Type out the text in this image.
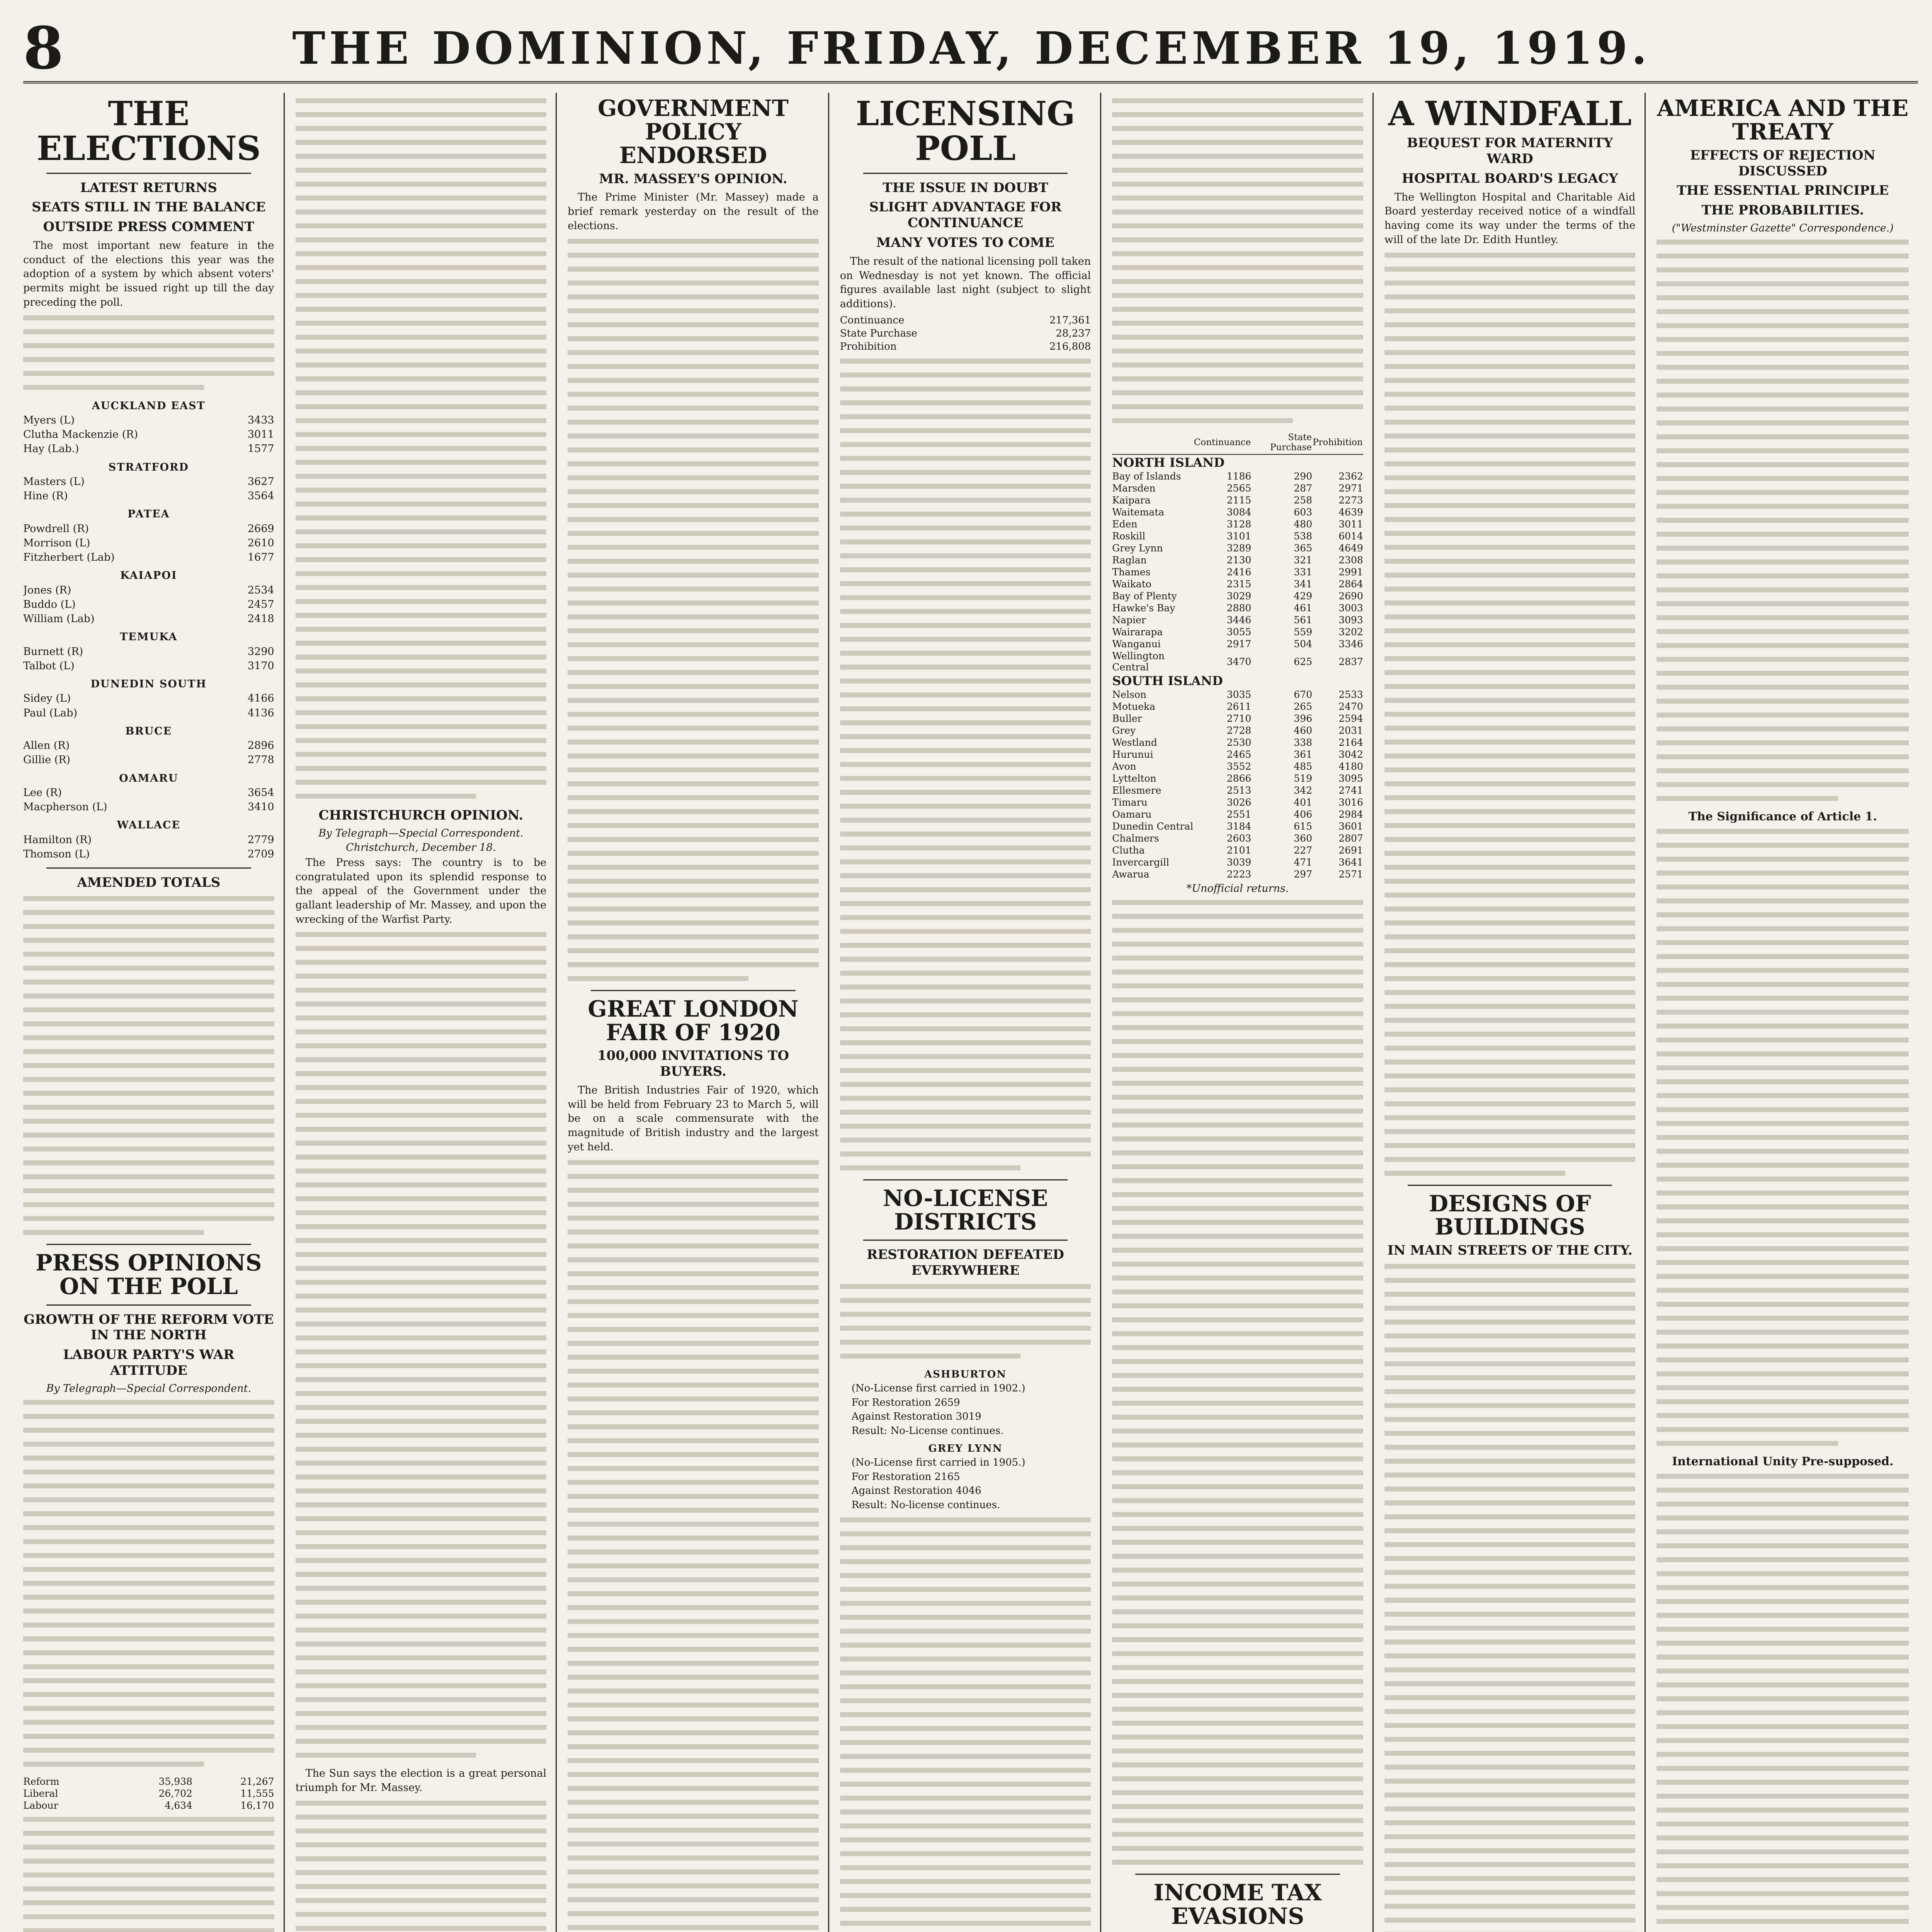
8	THE DOMINION, FRIDAY, DECEMBER 19, 1919.
THE ELECTIONS
LATEST RETURNS
SEATS STILL IN THE BALANCE
OUTSIDE PRESS COMMENT

The most important new feature in the conduct of the elections this year was the adoption of a system by which absent voters' permits might be issued right up till the day preceding the poll.

AUCKLAND EAST
Myers (L)	3433
Clutha Mackenzie (R)	3011
Hay (Lab.)	1577
STRATFORD
Masters (L)	3627
Hine (R)	3564
PATEA
Powdrell (R)	2669
Morrison (L)	2610
Fitzherbert (Lab)	1677
KAIAPOI
Jones (R)	2534
Buddo (L)	2457
William (Lab)	2418
TEMUKA
Burnett (R)	3290
Talbot (L)	3170
DUNEDIN SOUTH
Sidey (L)	4166
Paul (Lab)	4136
BRUCE
Allen (R)	2896
Gillie (R)	2778
OAMARU
Lee (R)	3654
Macpherson (L)	3410
WALLACE
Hamilton (R)	2779
Thomson (L)	2709
AMENDED TOTALS
PRESS OPINIONS ON THE POLL
GROWTH OF THE REFORM VOTE IN THE NORTH
LABOUR PARTY'S WAR ATTITUDE
By Telegraph—Special Correspondent.
Reform	35,938	21,267
Liberal	26,702	11,555
Labour	4,634	16,170
CHRISTCHURCH OPINION.
By Telegraph—Special Correspondent.
Christchurch, December 18.

The Press says: The country is to be congratulated upon its splendid response to the appeal of the Government under the gallant leadership of Mr. Massey, and upon the wrecking of the Warfist Party.

The Sun says the election is a great personal triumph for Mr. Massey.

GOVERNMENT POLICY ENDORSED
MR. MASSEY'S OPINION.

The Prime Minister (Mr. Massey) made a brief remark yesterday on the result of the elections.

GREAT LONDON FAIR OF 1920
100,000 INVITATIONS TO BUYERS.

The British Industries Fair of 1920, which will be held from February 23 to March 5, will be on a scale commensurate with the magnitude of British industry and the largest yet held.

LICENSING POLL
THE ISSUE IN DOUBT
SLIGHT ADVANTAGE FOR CONTINUANCE
MANY VOTES TO COME

The result of the national licensing poll taken on Wednesday is not yet known. The official figures available last night (subject to slight additions).

Continuance	217,361
State Purchase	28,237
Prohibition	216,808
NO-LICENSE DISTRICTS
RESTORATION DEFEATED EVERYWHERE
ASHBURTON
(No-License first carried in 1902.)
For Restoration 2659
Against Restoration 3019
Result: No-License continues.
GREY LYNN
(No-License first carried in 1905.)
For Restoration 2165
Against Restoration 4046
Result: No-license continues.
	Continuance	State Purchase	Prohibition
NORTH ISLAND			
Bay of Islands	1186	290	2362
Marsden	2565	287	2971
Kaipara	2115	258	2273
Waitemata	3084	603	4639
Eden	3128	480	3011
Roskill	3101	538	6014
Grey Lynn	3289	365	4649
Raglan	2130	321	2308
Thames	2416	331	2991
Waikato	2315	341	2864
Bay of Plenty	3029	429	2690
Hawke's Bay	2880	461	3003
Napier	3446	561	3093
Wairarapa	3055	559	3202
Wanganui	2917	504	3346
Wellington Central	3470	625	2837
SOUTH ISLAND			
Nelson	3035	670	2533
Motueka	2611	265	2470
Buller	2710	396	2594
Grey	2728	460	2031
Westland	2530	338	2164
Hurunui	2465	361	3042
Avon	3552	485	4180
Lyttelton	2866	519	3095
Ellesmere	2513	342	2741
Timaru	3026	401	3016
Oamaru	2551	406	2984
Dunedin Central	3184	615	3601
Chalmers	2603	360	2807
Clutha	2101	227	2691
Invercargill	3039	471	3641
Awarua	2223	297	2571
*Unofficial returns.
INCOME TAX EVASIONS
A WINDFALL
BEQUEST FOR MATERNITY WARD
HOSPITAL BOARD'S LEGACY

The Wellington Hospital and Charitable Aid Board yesterday received notice of a windfall having come its way under the terms of the will of the late Dr. Edith Huntley.

DESIGNS OF BUILDINGS
IN MAIN STREETS OF THE CITY.
AMERICA AND THE TREATY
EFFECTS OF REJECTION DISCUSSED
THE ESSENTIAL PRINCIPLE
THE PROBABILITIES.
("Westminster Gazette" Correspondence.)
The Significance of Article 1.
International Unity Pre-supposed.
